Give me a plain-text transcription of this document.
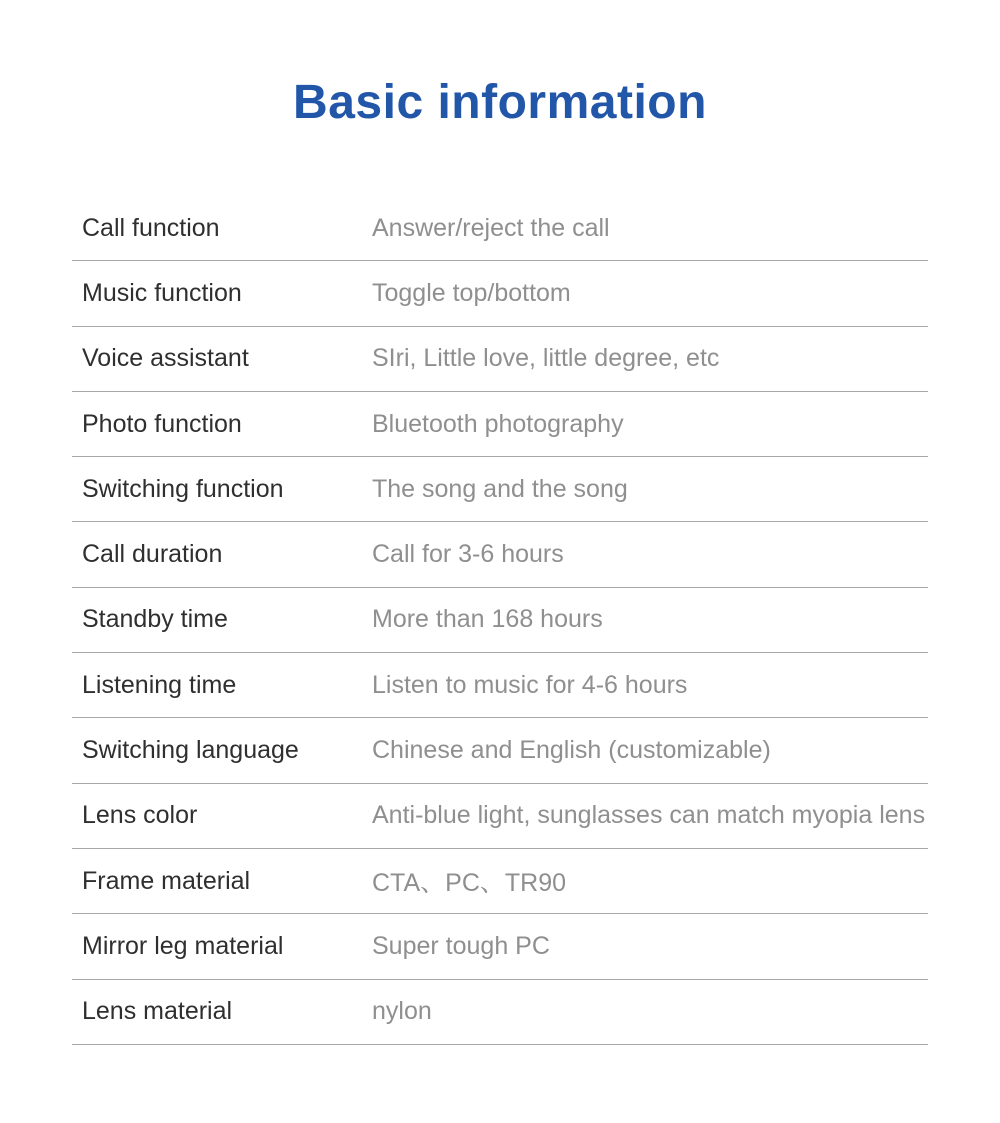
Basic information
Call function	Answer/reject the call
Music function	Toggle top/bottom
Voice assistant	SIri, Little love, little degree, etc
Photo function	Bluetooth photography
Switching function	The song and the song
Call duration	Call for 3-6 hours
Standby time	More than 168 hours
Listening time	Listen to music for 4-6 hours
Switching language	Chinese and English (customizable)
Lens color	Anti-blue light, sunglasses can match myopia lens
Frame material	CTA、PC、TR90
Mirror leg material	Super tough PC
Lens material	nylon
